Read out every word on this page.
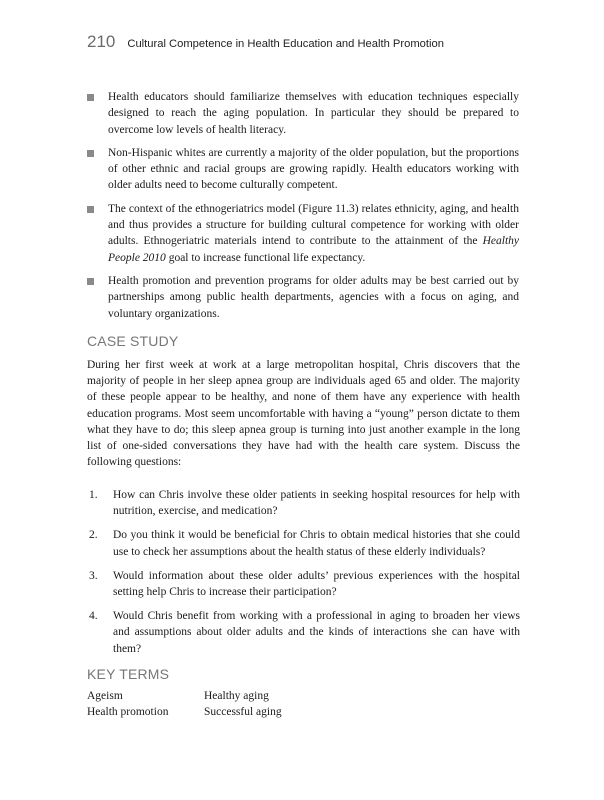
210 Cultural Competence in Health Education and Health Promotion
Health educators should familiarize themselves with education techniques especially designed to reach the aging population. In particular they should be prepared to overcome low levels of health literacy.
Non-Hispanic whites are currently a majority of the older population, but the proportions of other ethnic and racial groups are growing rapidly. Health educators working with older adults need to become culturally competent.
The context of the ethnogeriatrics model (Figure 11.3) relates ethnicity, aging, and health and thus provides a structure for building cultural competence for working with older adults. Ethnogeriatric materials intend to contribute to the attainment of the Healthy People 2010 goal to increase functional life expectancy.
Health promotion and prevention programs for older adults may be best carried out by partnerships among public health departments, agencies with a focus on aging, and voluntary organizations.
CASE STUDY

During her first week at work at a large metropolitan hospital, Chris discovers that the majority of people in her sleep apnea group are individuals aged 65 and older. The majority of these people appear to be healthy, and none of them have any experience with health education programs. Most seem uncomfortable with having a “young” person dictate to them what they have to do; this sleep apnea group is turning into just another example in the long list of one-sided conversations they have had with the health care system. Discuss the following questions:

1. How can Chris involve these older patients in seeking hospital resources for help with nutrition, exercise, and medication?
2. Do you think it would be beneficial for Chris to obtain medical histories that she could use to check her assumptions about the health status of these elderly individuals?
3. Would information about these older adults’ previous experiences with the hospital setting help Chris to increase their participation?
4. Would Chris benefit from working with a professional in aging to broaden her views and assumptions about older adults and the kinds of interactions she can have with them?
KEY TERMS
Ageism	Healthy aging
Health promotion	Successful aging
